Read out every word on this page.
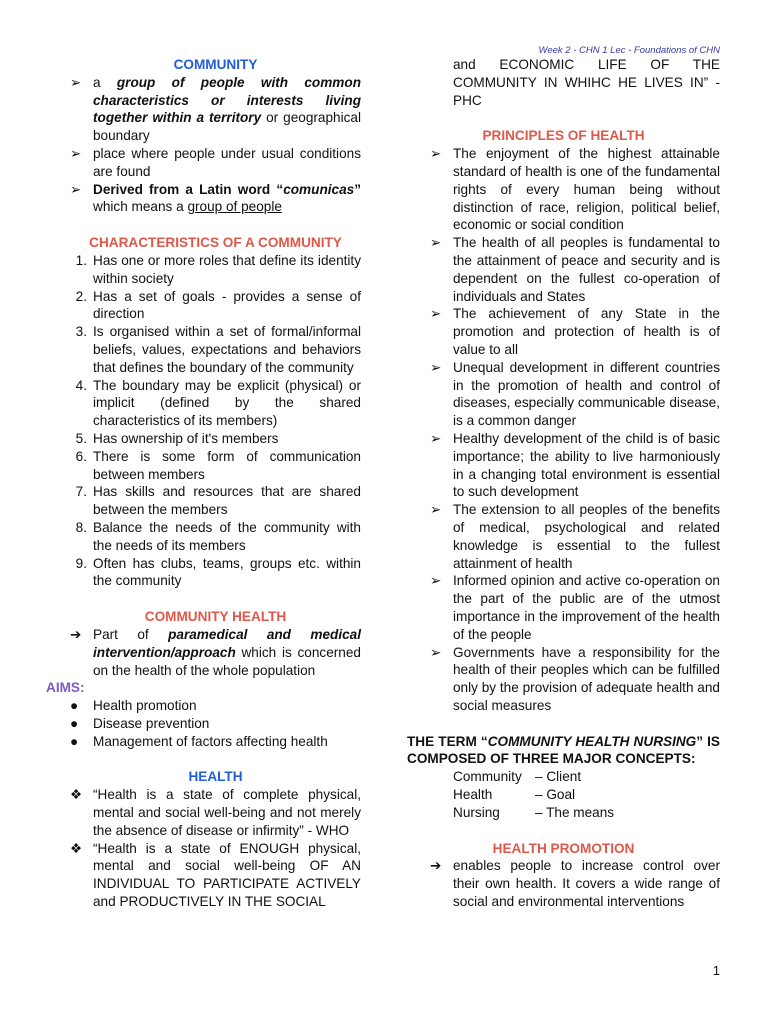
Week 2 - CHN 1 Lec - Foundations of CHN
COMMUNITY
➢ a group of people with common characteristics or interests living together within a territory or geographical boundary
➢ place where people under usual conditions are found
➢ Derived from a Latin word “comunicas” which means a group of people
CHARACTERISTICS OF A COMMUNITY
1. Has one or more roles that define its identity within society
2. Has a set of goals - provides a sense of direction
3. Is organised within a set of formal/informal beliefs, values, expectations and behaviors that defines the boundary of the community
4. The boundary may be explicit (physical) or implicit (defined by the shared characteristics of its members)
5. Has ownership of it's members
6. There is some form of communication between members
7. Has skills and resources that are shared between the members
8. Balance the needs of the community with the needs of its members
9. Often has clubs, teams, groups etc. within the community
COMMUNITY HEALTH
➔ Part of paramedical and medical intervention/approach which is concerned on the health of the whole population
AIMS:
●	Health promotion
●	Disease prevention
●	Management of factors affecting health
HEALTH
❖ “Health is a state of complete physical, mental and social well-being and not merely the absence of disease or infirmity” - WHO
❖ “Health is a state of ENOUGH physical, mental and social well-being OF AN INDIVIDUAL TO PARTICIPATE ACTIVELY and PRODUCTIVELY IN THE SOCIAL
and ECONOMIC LIFE OF THE COMMUNITY IN WHIHC HE LIVES IN” - PHC
PRINCIPLES OF HEALTH
➢ The enjoyment of the highest attainable standard of health is one of the fundamental rights of every human being without distinction of race, religion, political belief, economic or social condition
➢ The health of all peoples is fundamental to the attainment of peace and security and is dependent on the fullest co-operation of individuals and States
➢ The achievement of any State in the promotion and protection of health is of value to all
➢ Unequal development in different countries in the promotion of health and control of diseases, especially communicable disease, is a common danger
➢ Healthy development of the child is of basic importance; the ability to live harmoniously in a changing total environment is essential to such development
➢ The extension to all peoples of the benefits of medical, psychological and related knowledge is essential to the fullest attainment of health
➢ Informed opinion and active co-operation on the part of the public are of the utmost importance in the improvement of the health of the people
➢ Governments have a responsibility for the health of their peoples which can be fulfilled only by the provision of adequate health and social measures
THE TERM “COMMUNITY HEALTH NURSING” IS COMPOSED OF THREE MAJOR CONCEPTS:
Community – Client
Health	– Goal
Nursing	– The means
HEALTH PROMOTION
➔ enables people to increase control over their own health. It covers a wide range of social and environmental interventions
1
